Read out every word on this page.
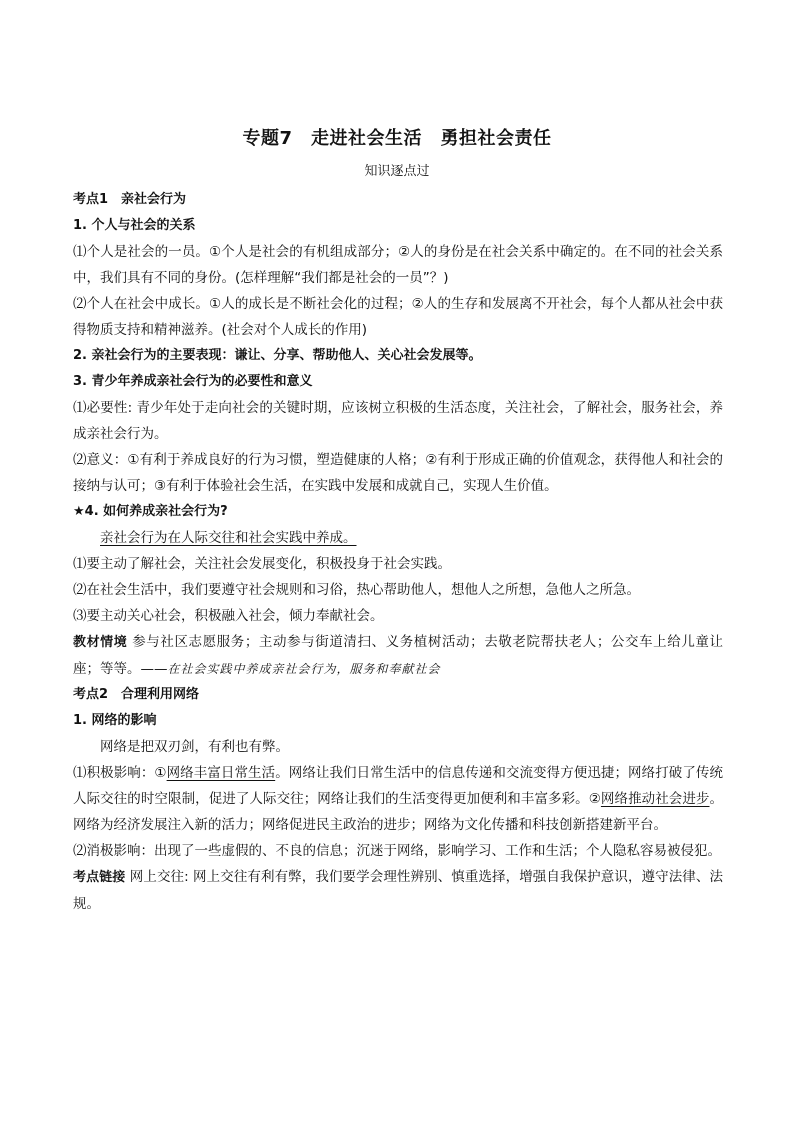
专题7　走进社会生活　勇担社会责任
知识逐点过

考点1　亲社会行为

1. 个人与社会的关系

⑴个人是社会的一员。①个人是社会的有机组成部分；②人的身份是在社会关系中确定的。在不同的社会关系中，我们具有不同的身份。(怎样理解“我们都是社会的一员”？)

⑵个人在社会中成长。①人的成长是不断社会化的过程；②人的生存和发展离不开社会，每个人都从社会中获得物质支持和精神滋养。(社会对个人成长的作用)

2. 亲社会行为的主要表现：谦让、分享、帮助他人、关心社会发展等。

3. 青少年养成亲社会行为的必要性和意义

⑴必要性: 青少年处于走向社会的关键时期，应该树立积极的生活态度，关注社会，了解社会，服务社会，养成亲社会行为。

⑵意义：①有利于养成良好的行为习惯，塑造健康的人格；②有利于形成正确的价值观念，获得他人和社会的接纳与认可；③有利于体验社会生活，在实践中发展和成就自己，实现人生价值。

★4. 如何养成亲社会行为?

亲社会行为在人际交往和社会实践中养成。

⑴要主动了解社会，关注社会发展变化，积极投身于社会实践。

⑵在社会生活中，我们要遵守社会规则和习俗，热心帮助他人，想他人之所想，急他人之所急。

⑶要主动关心社会，积极融入社会，倾力奉献社会。

教材情境 参与社区志愿服务；主动参与街道清扫、义务植树活动；去敬老院帮扶老人；公交车上给儿童让座；等等。——在社会实践中养成亲社会行为，服务和奉献社会

考点2　合理利用网络

1. 网络的影响

网络是把双刃剑，有利也有弊。

⑴积极影响：①网络丰富日常生活。网络让我们日常生活中的信息传递和交流变得方便迅捷；网络打破了传统人际交往的时空限制，促进了人际交往；网络让我们的生活变得更加便利和丰富多彩。②网络推动社会进步。网络为经济发展注入新的活力；网络促进民主政治的进步；网络为文化传播和科技创新搭建新平台。

⑵消极影响：出现了一些虚假的、不良的信息；沉迷于网络，影响学习、工作和生活；个人隐私容易被侵犯。

考点链接 网上交往: 网上交往有利有弊，我们要学会理性辨别、慎重选择，增强自我保护意识，遵守法律、法规。
